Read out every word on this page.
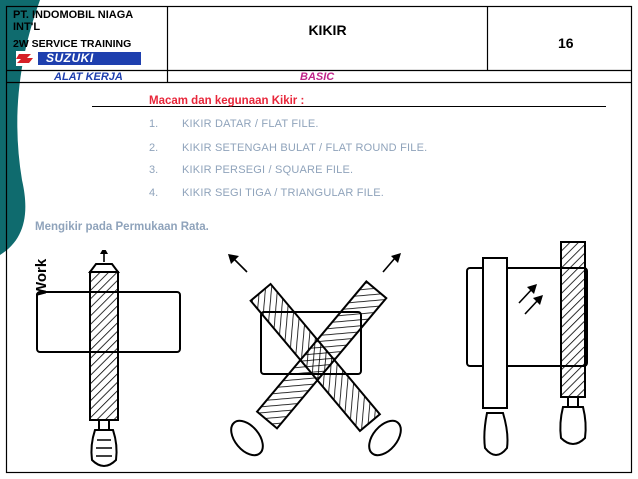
PT. INDOMOBIL NIAGA
INT'L
2W SERVICE TRAINING
SUZUKI
KIKIR
16
ALAT KERJA	BASIC
Macam dan kegunaan Kikir :
1. KIKIR DATAR / FLAT FILE.
2. KIKIR SETENGAH BULAT / FLAT ROUND FILE.
3. KIKIR PERSEGI / SQUARE FILE.
4. KIKIR SEGI TIGA / TRIANGULAR FILE.
Mengikir pada Permukaan Rata.
Work
